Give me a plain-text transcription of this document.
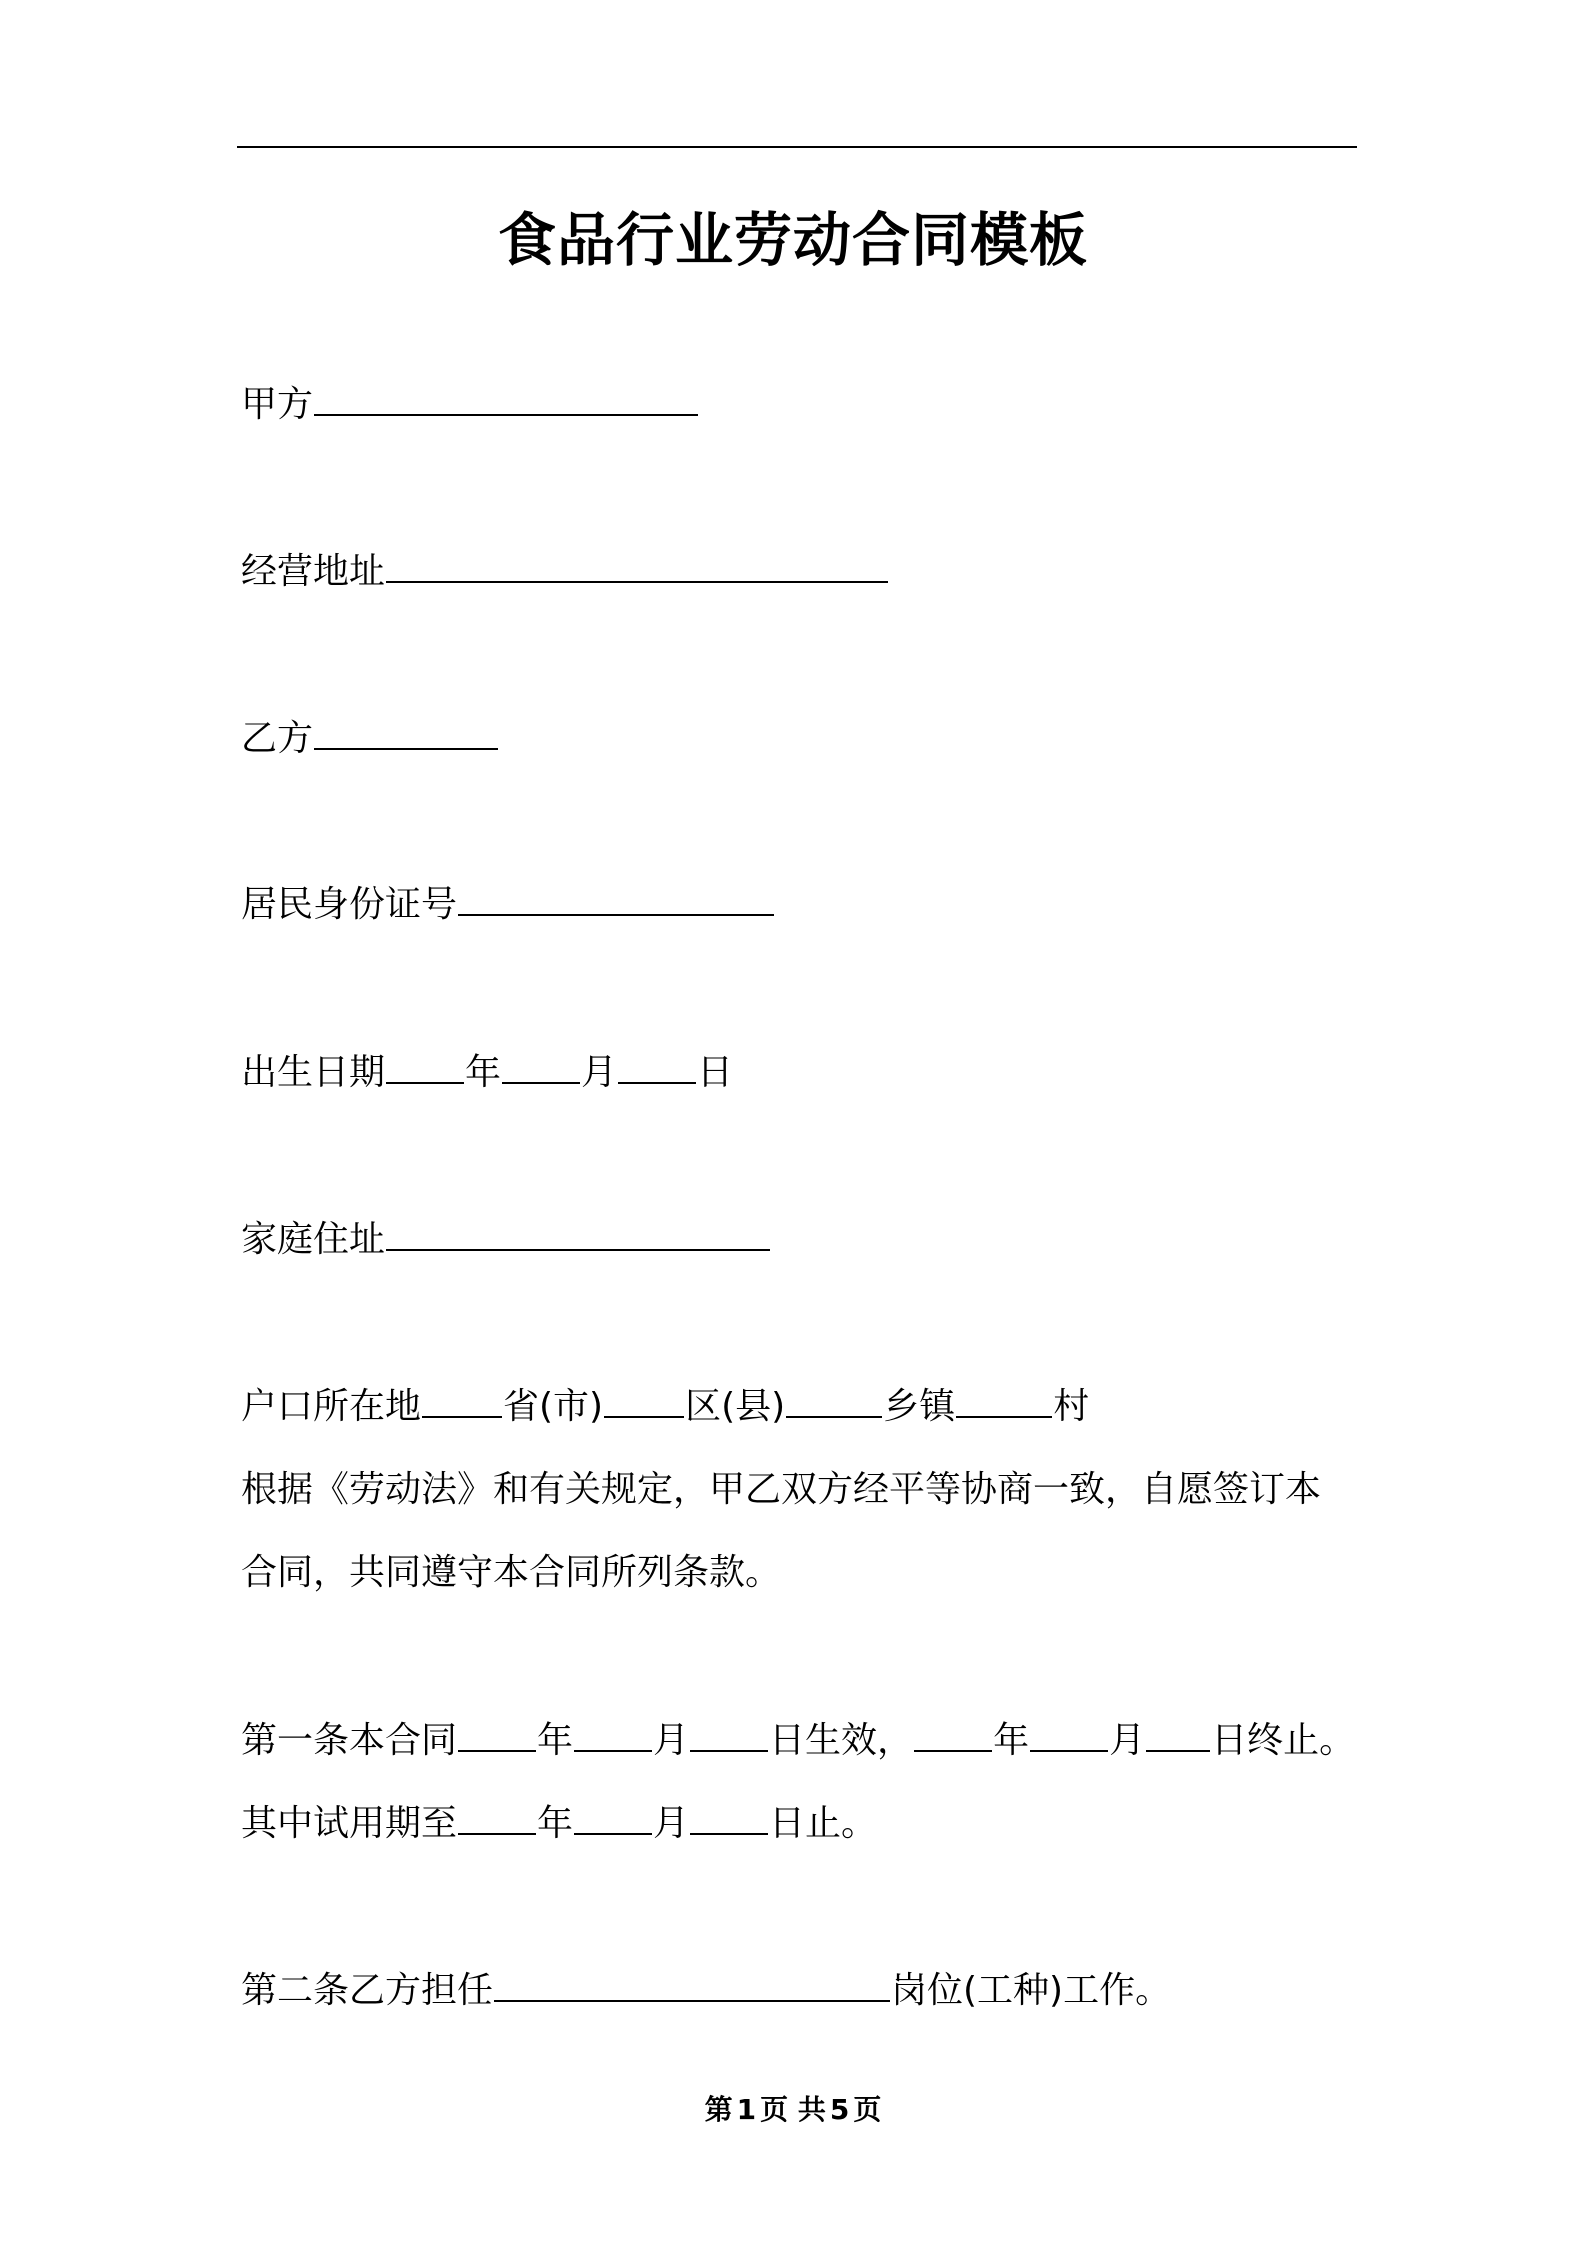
食品行业劳动合同模板
甲方
经营地址
乙方
居民身份证号
出生日期 年 月 日
家庭住址
户口所在地 省(市) 区(县)	乡镇	村
根据《劳动法》和有关规定，甲乙双方经平等协商一致，自愿签订本
合同，共同遵守本合同所列条款。
第一条本合同 年 月 日生效， 年 月 日终止。
其中试用期至 年 月 日止。
第二条乙方担任	岗位(工种)工作。
第 1 页 共 5 页
